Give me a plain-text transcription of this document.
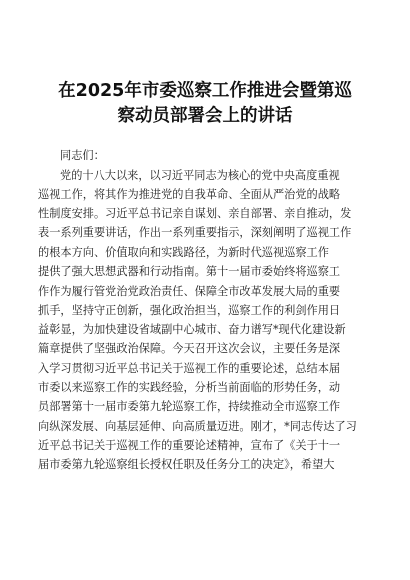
在2025年市委巡察工作推进会暨第巡
察动员部署会上的讲话

同志们：

党的十八大以来，以习近平同志为核心的党中央高度重视

巡视工作，将其作为推进党的自我革命、全面从严治党的战略

性制度安排。习近平总书记亲自谋划、亲自部署、亲自推动，发

表一系列重要讲话，作出一系列重要指示，深刻阐明了巡视工作

的根本方向、价值取向和实践路径，为新时代巡视巡察工作

提供了强大思想武器和行动指南。第十一届市委始终将巡察工

作作为履行管党治党政治责任、保障全市改革发展大局的重要

抓手，坚持守正创新，强化政治担当，巡察工作的利剑作用日

益彰显，为加快建设省域副中心城市、奋力谱写*现代化建设新

篇章提供了坚强政治保障。今天召开这次会议，主要任务是深

入学习贯彻习近平总书记关于巡视工作的重要论述，总结本届

市委以来巡察工作的实践经验，分析当前面临的形势任务，动

员部署第十一届市委第九轮巡察工作，持续推动全市巡察工作

向纵深发展、向基层延伸、向高质量迈进。刚才，*同志传达了习

近平总书记关于巡视工作的重要论述精神，宣布了《关于十一

届市委第九轮巡察组长授权任职及任务分工的决定》，希望大
